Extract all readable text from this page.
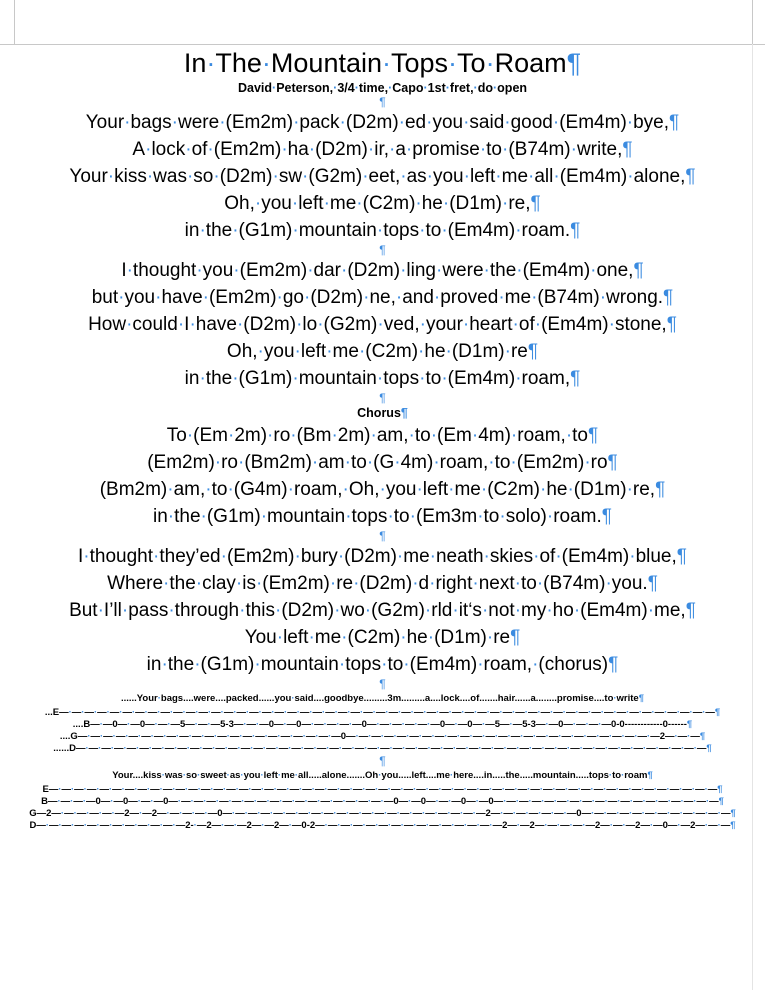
In·The·Mountain·Tops·To·Roam¶
David·Peterson,·3/4·time,·Capo·1st·fret,·do·open
¶
Your·bags·were·(Em2m)·pack·(D2m)·ed·you·said·good·(Em4m)·bye,¶
A·lock·of·(Em2m)·ha·(D2m)·ir,·a·promise·to·(B74m)·write,¶
Your·kiss·was·so·(D2m)·sw·(G2m)·eet,·as·you·left·me·all·(Em4m)·alone,¶
Oh,·you·left·me·(C2m)·he·(D1m)·re,¶
in·the·(G1m)·mountain·tops·to·(Em4m)·roam.¶
¶
I·thought·you·(Em2m)·dar·(D2m)·ling·were·the·(Em4m)·one,¶
but·you·have·(Em2m)·go·(D2m)·ne,·and·proved·me·(B74m)·wrong.¶
How·could·I·have·(D2m)·lo·(G2m)·ved,·your·heart·of·(Em4m)·stone,¶
Oh,·you·left·me·(C2m)·he·(D1m)·re¶
in·the·(G1m)·mountain·tops·to·(Em4m)·roam,¶
¶
Chorus¶
To·(Em·2m)·ro·(Bm·2m)·am,·to·(Em·4m)·roam,·to¶
(Em2m)·ro·(Bm2m)·am·to·(G·4m)·roam,·to·(Em2m)·ro¶
(Bm2m)·am,·to·(G4m)·roam,·Oh,·you·left·me·(C2m)·he·(D1m)·re,¶
in·the·(G1m)·mountain·tops·to·(Em3m·to·solo)·roam.¶
¶
I·thought·they’ed·(Em2m)·bury·(D2m)·me·neath·skies·of·(Em4m)·blue,¶
Where·the·clay·is·(Em2m)·re·(D2m)·d·right·next·to·(B74m)·you.¶
But·I’ll·pass·through·this·(D2m)·wo·(G2m)·rld·it‘s·not·my·ho·(Em4m)·me,¶
You·left·me·(C2m)·he·(D1m)·re¶
in·the·(G1m)·mountain·tops·to·(Em4m)·roam,·(chorus)¶
¶
......Your·bags....were....packed......you·said....goodbye.........3m.........a....lock....of.......hair......a........promise....to·write¶
...E—·—·—·—·—·—·—·—·—·—·—·—·—·—·—·—·—·—·—·—·—·—·—·—·—·—·—·—·—·—·—·—·—·—·—·—·—·—·—·—·—·—·—·—·—·—·—·—·—·—·—·—¶
....B—·—0—·—0—·—·—5—·—·—5-3—·—·—0—·—0—·—·—·—·—0—·—·—·—·—·—0—·—0—·—5—·—5-3—·—0—·—·—·—0-0------------0------¶
....G—·—·—·—·—·—·—·—·—·—·—·—·—·—·—·—·—·—·—·—·—0—·—·—·—·—·—·—·—·—·—·—·—·—·—·—·—·—·—·—·—·—·—·—·—·—2—·—·—¶
......D—·—·—·—·—·—·—·—·—·—·—·—·—·—·—·—·—·—·—·—·—·—·—·—·—·—·—·—·—·—·—·—·—·—·—·—·—·—·—·—·—·—·—·—·—·—·—·—·—·—¶
¶
Your....kiss·was·so·sweet·as·you·left·me·all.....alone.......Oh·you.....left....me·here....in.....the.....mountain.....tops·to·roam¶
E—·—·—·—·—·—·—·—·—·—·—·—·—·—·—·—·—·—·—·—·—·—·—·—·—·—·—·—·—·—·—·—·—·—·—·—·—·—·—·—·—·—·—·—·—·—·—·—·—·—·—·—·—¶
B—·—·—·—0—·—0—·—·—0—·—·—·—·—·—·—·—·—·—·—·—·—·—·—·—·—·—0—·—0—·—·—0—·—0—·—·—·—·—·—·—·—·—·—·—·—·—·—·—·—·—·—¶
G—2—·—·—·—·—·—2—·—2—·—·—·—·—0—·—·—·—·—·—·—·—·—·—·—·—·—·—·—·—·—·—·—·—·—2—·—·—·—·—·—·—0—·—·—·—·—·—·—·—·—·—·—·—¶
D—·—·—·—·—·—·—·—·—·—·—·—2-·—2—·—·—2—·—2—·—0-2—·—·—·—·—·—·—·—·—·—·—·—·—·—·—2—·—2—·—·—·—·—2—·—·—2—·—0—·—2—·—·—¶
